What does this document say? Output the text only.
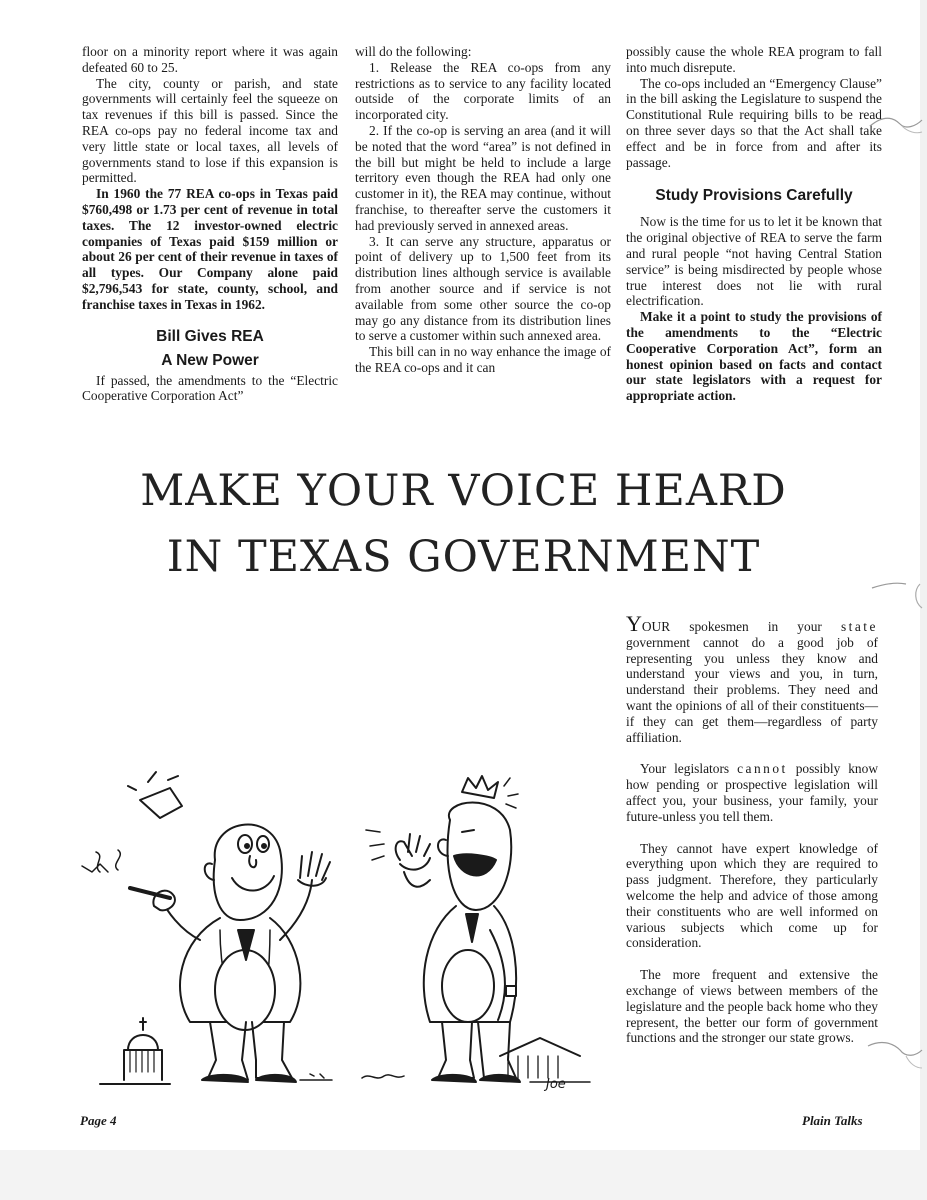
floor on a minority report where it was again defeated 60 to 25.

The city, county or parish, and state governments will certainly feel the squeeze on tax revenues if this bill is passed. Since the REA co-ops pay no federal income tax and very little state or local taxes, all levels of governments stand to lose if this expansion is permitted.

In 1960 the 77 REA co-ops in Texas paid $760,498 or 1.73 per cent of revenue in total taxes. The 12 investor-owned electric companies of Texas paid $159 million or about 26 per cent of their revenue in taxes of all types. Our Company alone paid $2,796,543 for state, county, school, and franchise taxes in Texas in 1962.

Bill Gives REA
A New Power

If passed, the amendments to the “Electric Cooperative Corporation Act”

will do the following:

1. Release the REA co-ops from any restrictions as to service to any facility located outside of the corporate limits of an incorporated city.

2. If the co-op is serving an area (and it will be noted that the word “area” is not defined in the bill but might be held to include a large territory even though the REA had only one customer in it), the REA may continue, without franchise, to thereafter serve the customers it had previously served in annexed areas.

3. It can serve any structure, apparatus or point of delivery up to 1,500 feet from its distribution lines although service is available from another source and if service is not available from some other source the co-op may go any distance from its distribution lines to serve a customer within such annexed area.

This bill can in no way enhance the image of the REA co-ops and it can

possibly cause the whole REA program to fall into much disrepute.

The co-ops included an “Emergency Clause” in the bill asking the Legislature to suspend the Constitutional Rule requiring bills to be read on three sever days so that the Act shall take effect and be in force from and after its passage.

Study Provisions Carefully

Now is the time for us to let it be known that the original objective of REA to serve the farm and rural people “not having Central Station service” is being misdirected by people whose true interest does not lie with rural electrification.

Make it a point to study the provisions of the amendments to the “Electric Cooperative Corporation Act”, form an honest opinion based on facts and contact our state legislators with a request for appropriate action.

MAKE YOUR VOICE HEARD
IN TEXAS GOVERNMENT

YOUR spokesmen in your state government cannot do a good job of representing you unless they know and understand your views and you, in turn, understand their problems. They need and want the opinions of all of their constituents—if they can get them—regardless of party affiliation.

Your legislators cannot possibly know how pending or prospective legislation will affect you, your business, your family, your future-unless you tell them.

They cannot have expert knowledge of everything upon which they are required to pass judgment. Therefore, they particularly welcome the help and advice of those among their constituents who are well informed on various subjects which come up for consideration.

The more frequent and extensive the exchange of views between members of the legislature and the people back home who they represent, the better our form of government functions and the stronger our state grows.

Joe
Page 4	Plain Talks
